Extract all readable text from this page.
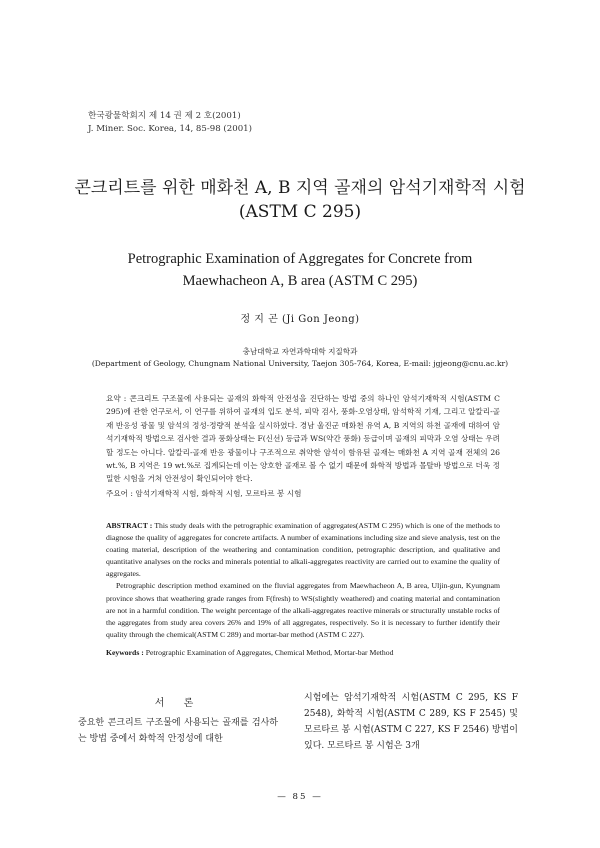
한국광물학회지 제 14 권 제 2 호(2001)
J. Miner. Soc. Korea, 14, 85-98 (2001)
콘크리트를 위한 매화천 A, B 지역 골재의 암석기재학적 시험
(ASTM C 295)
Petrographic Examination of Aggregates for Concrete from
Maewhacheon A, B area (ASTM C 295)
정 지 곤 (Ji Gon Jeong)
충남대학교 자연과학대학 지질학과
(Department of Geology, Chungnam National University, Taejon 305-764, Korea, E-mail: jgjeong@cnu.ac.kr)
요약 : 콘크리트 구조물에 사용되는 골재의 화학적 안전성을 진단하는 방법 중의 하나인 암석기재학적 시험(ASTM C 295)에 관한 연구로서, 이 연구를 위하여 골재의 입도 분석, 피막 검사, 풍화·오염상태, 암석학적 기재, 그리고 알칼리-골재 반응성 광물 및 암석의 정성·정량적 분석을 실시하였다. 경남 울진군 매화천 유역 A, B 지역의 하천 골재에 대하여 암석기재학적 방법으로 검사한 결과 풍화상태는 F(신선) 등급과 WS(약간 풍화) 등급이며 골재의 피막과 오염 상태는 우려할 정도는 아니다. 알칼리-골재 반응 광물이나 구조적으로 취약한 암석이 함유된 골재는 매화천 A 지역 골재 전체의 26 wt.%, B 지역은 19 wt.%로 집계되는데 이는 양호한 골재로 볼 수 없기 때문에 화학적 방법과 몰탈바 방법으로 더욱 정밀한 시험을 거쳐 안전성이 확인되어야 한다.
주요어 : 암석기재학적 시험, 화학적 시험, 모르타르 봉 시험

ABSTRACT : This study deals with the petrographic examination of aggregates(ASTM C 295) which is one of the methods to diagnose the quality of aggregates for concrete artifacts. A number of examinations including size and sieve analysis, test on the coating material, description of the weathering and contamination condition, petrographic description, and qualitative and quantitative analyses on the rocks and minerals potential to alkali-aggregates reactivity are carried out to examine the quality of aggregates.

Petrographic description method examined on the fluvial aggregates from Maewhacheon A, B area, Uljin-gun, Kyungnam province shows that weathering grade ranges from F(fresh) to WS(slightly weathered) and coating material and contamination are not in a harmful condition. The weight percentage of the alkali-aggregates reactive minerals or structurally unstable rocks of the aggregates from study area covers 26% and 19% of all aggregates, respectively. So it is necessary to further identify their quality through the chemical(ASTM C 289) and mortar-bar method (ASTM C 227).

Keywords : Petrographic Examination of Aggregates, Chemical Method, Mortar-bar Method
서 론
중요한 콘크리트 구조물에 사용되는 골재를 검사하는 방법 중에서 화학적 안정성에 대한
시험에는 암석기재학적 시험(ASTM C 295, KS F 2548), 화학적 시험(ASTM C 289, KS F 2545) 및 모르타르 봉 시험(ASTM C 227, KS F 2546) 방법이 있다. 모르타르 봉 시험은 3개
— 85 —
